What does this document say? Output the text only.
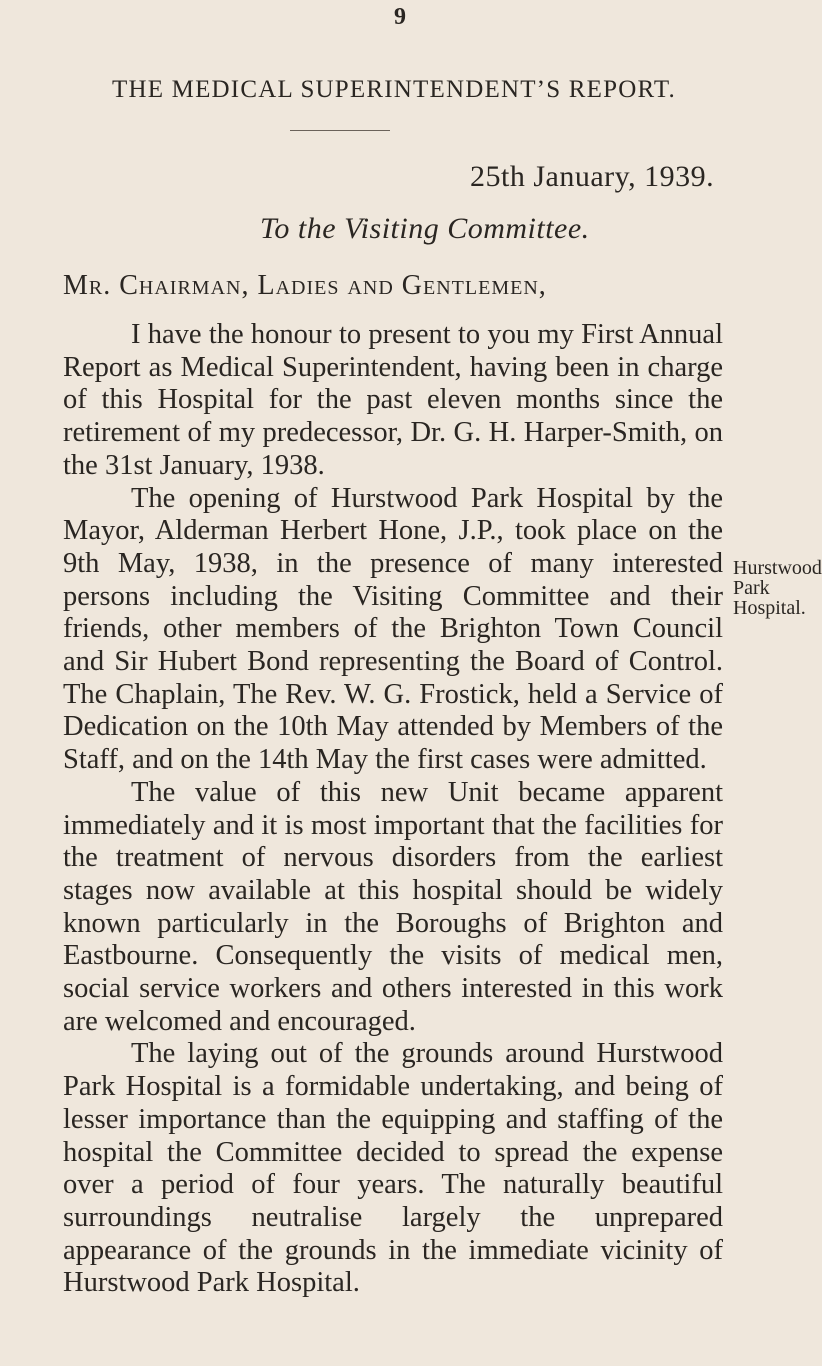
9
THE MEDICAL SUPERINTENDENT’S REPORT.
25th January, 1939.
To the Visiting Committee.
Mr. Chairman, Ladies and Gentlemen,

I have the honour to present to you my First Annual Report as Medical Superintendent, having been in charge of this Hospital for the past eleven months since the retirement of my predecessor, Dr. G. H. Harper-Smith, on the 31st January, 1938.

The opening of Hurstwood Park Hospital by the Mayor, Alderman Herbert Hone, J.P., took place on the 9th May, 1938, in the presence of many interested persons including the Visiting Committee and their friends, other members of the Brighton Town Council and Sir Hubert Bond representing the Board of Control. The Chaplain, The Rev. W. G. Frostick, held a Service of Dedication on the 10th May attended by Members of the Staff, and on the 14th May the first cases were admitted.

The value of this new Unit became apparent immediately and it is most important that the facilities for the treatment of nervous disorders from the earliest stages now available at this hospital should be widely known particularly in the Boroughs of Brighton and Eastbourne. Consequently the visits of medical men, social service workers and others interested in this work are welcomed and encouraged.

The laying out of the grounds around Hurstwood Park Hospital is a formidable undertaking, and being of lesser importance than the equipping and staffing of the hospital the Committee decided to spread the expense over a period of four years. The naturally beautiful surroundings neutralise largely the unprepared appearance of the grounds in the immediate vicinity of Hurstwood Park Hospital.

Hurstwood
Park
Hospital.
